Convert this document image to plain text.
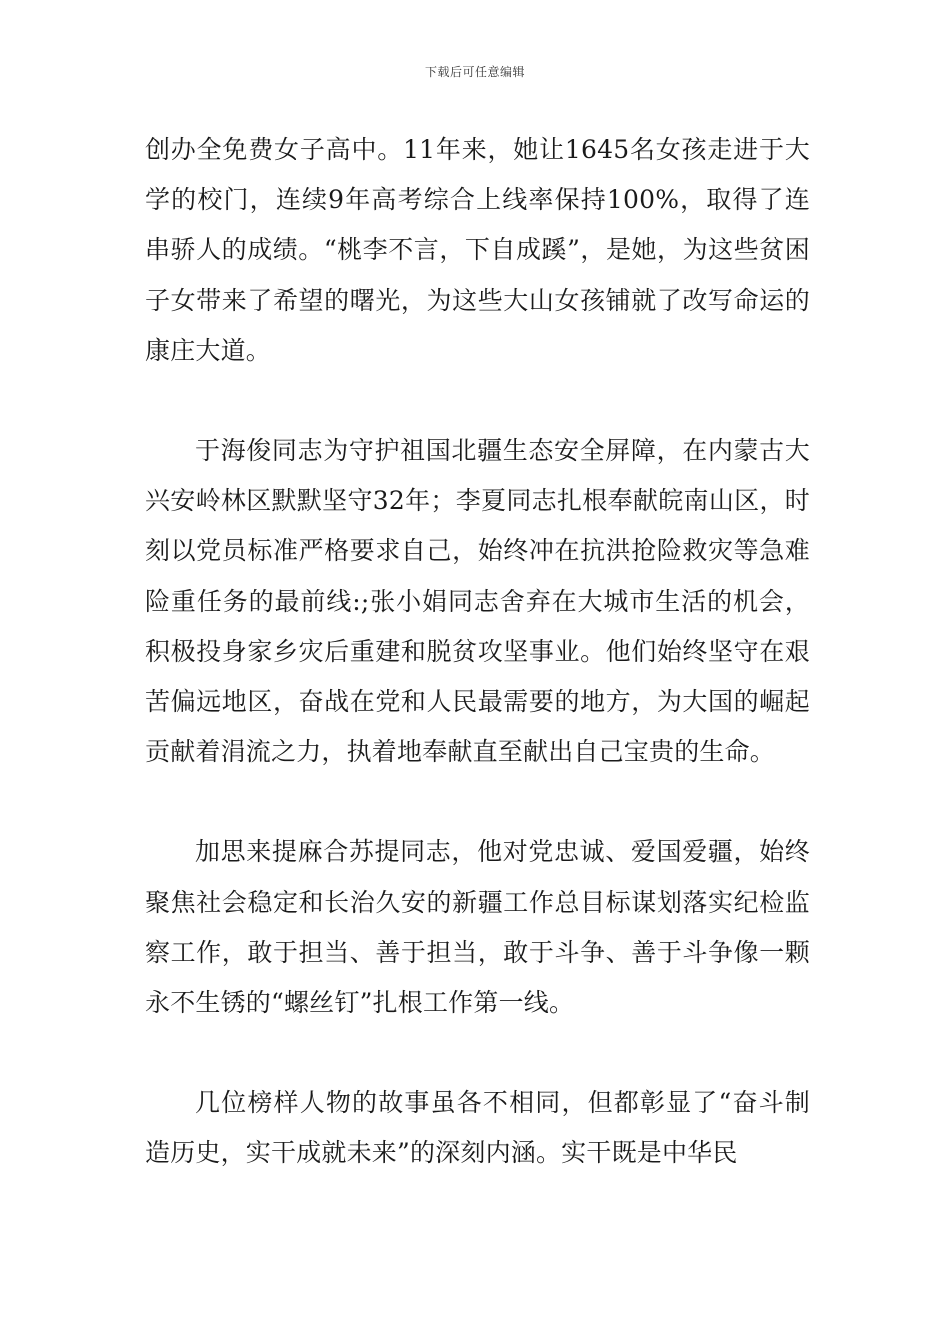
下载后可任意编辑

创办全免费女子高中。11年来，她让1645名女孩走进于大学的校门，连续9年高考综合上线率保持100%，取得了连串骄人的成绩。“桃李不言，下自成蹊”，是她，为这些贫困子女带来了希望的曙光，为这些大山女孩铺就了改写命运的康庄大道。

于海俊同志为守护祖国北疆生态安全屏障，在内蒙古大兴安岭林区默默坚守32年；李夏同志扎根奉献皖南山区，时刻以党员标准严格要求自己，始终冲在抗洪抢险救灾等急难险重任务的最前线:;张小娟同志舍弃在大城市生活的机会，积极投身家乡灾后重建和脱贫攻坚事业。他们始终坚守在艰苦偏远地区，奋战在党和人民最需要的地方，为大国的崛起贡献着涓流之力，执着地奉献直至献出自己宝贵的生命。

加思来提麻合苏提同志，他对党忠诚、爱国爱疆，始终聚焦社会稳定和长治久安的新疆工作总目标谋划落实纪检监察工作，敢于担当、善于担当，敢于斗争、善于斗争像一颗永不生锈的“螺丝钉”扎根工作第一线。

几位榜样人物的故事虽各不相同，但都彰显了“奋斗制造历史，实干成就未来”的深刻内涵。实干既是中华民
